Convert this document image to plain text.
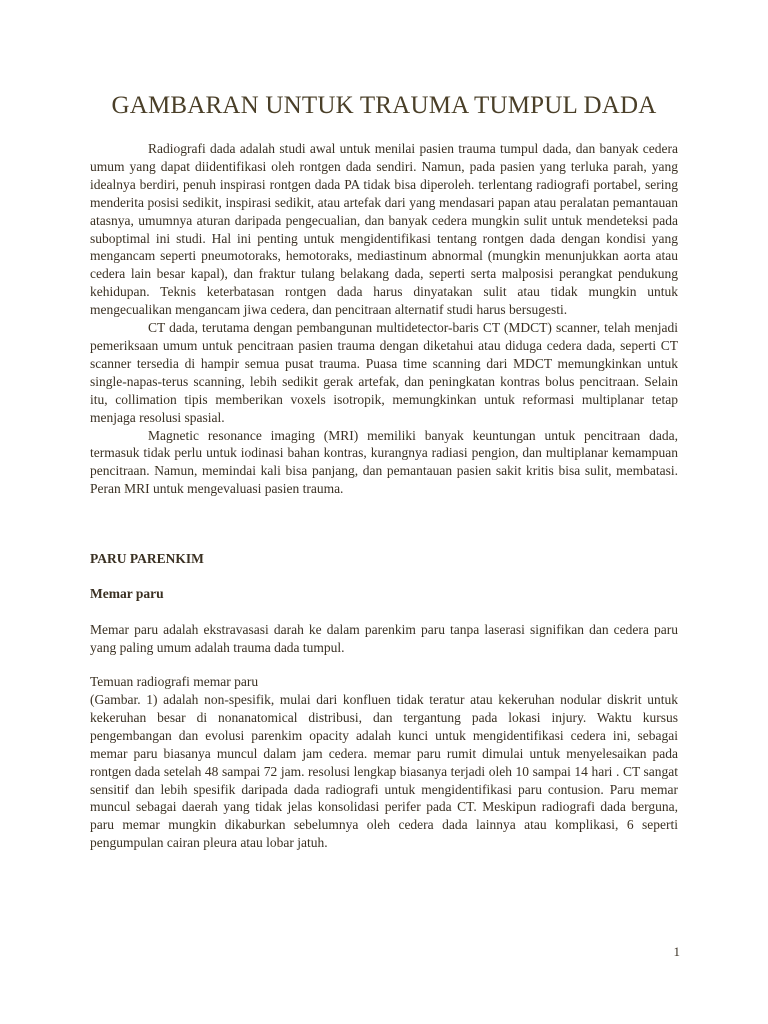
GAMBARAN UNTUK TRAUMA TUMPUL DADA

Radiografi dada adalah studi awal untuk menilai pasien trauma tumpul dada, dan banyak cedera umum yang dapat diidentifikasi oleh rontgen dada sendiri. Namun, pada pasien yang terluka parah, yang idealnya berdiri, penuh inspirasi rontgen dada PA tidak bisa diperoleh. terlentang radiografi portabel, sering menderita posisi sedikit, inspirasi sedikit, atau artefak dari yang mendasari papan atau peralatan pemantauan atasnya, umumnya aturan daripada pengecualian, dan banyak cedera mungkin sulit untuk mendeteksi pada suboptimal ini studi. Hal ini penting untuk mengidentifikasi tentang rontgen dada dengan kondisi yang mengancam seperti pneumotoraks, hemotoraks, mediastinum abnormal (mungkin menunjukkan aorta atau cedera lain besar kapal), dan fraktur tulang belakang dada, seperti serta malposisi perangkat pendukung kehidupan. Teknis keterbatasan rontgen dada harus dinyatakan sulit atau tidak mungkin untuk mengecualikan mengancam jiwa cedera, dan pencitraan alternatif studi harus bersugesti.

CT dada, terutama dengan pembangunan multidetector-baris CT (MDCT) scanner, telah menjadi pemeriksaan umum untuk pencitraan pasien trauma dengan diketahui atau diduga cedera dada, seperti CT scanner tersedia di hampir semua pusat trauma. Puasa time scanning dari MDCT memungkinkan untuk single-napas-terus scanning, lebih sedikit gerak artefak, dan peningkatan kontras bolus pencitraan. Selain itu, collimation tipis memberikan voxels isotropik, memungkinkan untuk reformasi multiplanar tetap menjaga resolusi spasial.

Magnetic resonance imaging (MRI) memiliki banyak keuntungan untuk pencitraan dada, termasuk tidak perlu untuk iodinasi bahan kontras, kurangnya radiasi pengion, dan multiplanar kemampuan pencitraan. Namun, memindai kali bisa panjang, dan pemantauan pasien sakit kritis bisa sulit, membatasi. Peran MRI untuk mengevaluasi pasien trauma.

PARU PARENKIM
Memar paru

Memar paru adalah ekstravasasi darah ke dalam parenkim paru tanpa laserasi signifikan dan cedera paru yang paling umum adalah trauma dada tumpul.

Temuan radiografi memar paru

(Gambar. 1) adalah non-spesifik, mulai dari konfluen tidak teratur atau kekeruhan nodular diskrit untuk kekeruhan besar di nonanatomical distribusi, dan tergantung pada lokasi injury. Waktu kursus pengembangan dan evolusi parenkim opacity adalah kunci untuk mengidentifikasi cedera ini, sebagai memar paru biasanya muncul dalam jam cedera. memar paru rumit dimulai untuk menyelesaikan pada rontgen dada setelah 48 sampai 72 jam. resolusi lengkap biasanya terjadi oleh 10 sampai 14 hari . CT sangat sensitif dan lebih spesifik daripada dada radiografi untuk mengidentifikasi paru contusion. Paru memar muncul sebagai daerah yang tidak jelas konsolidasi perifer pada CT. Meskipun radiografi dada berguna, paru memar mungkin dikaburkan sebelumnya oleh cedera dada lainnya atau komplikasi, 6 seperti pengumpulan cairan pleura atau lobar jatuh.

1
